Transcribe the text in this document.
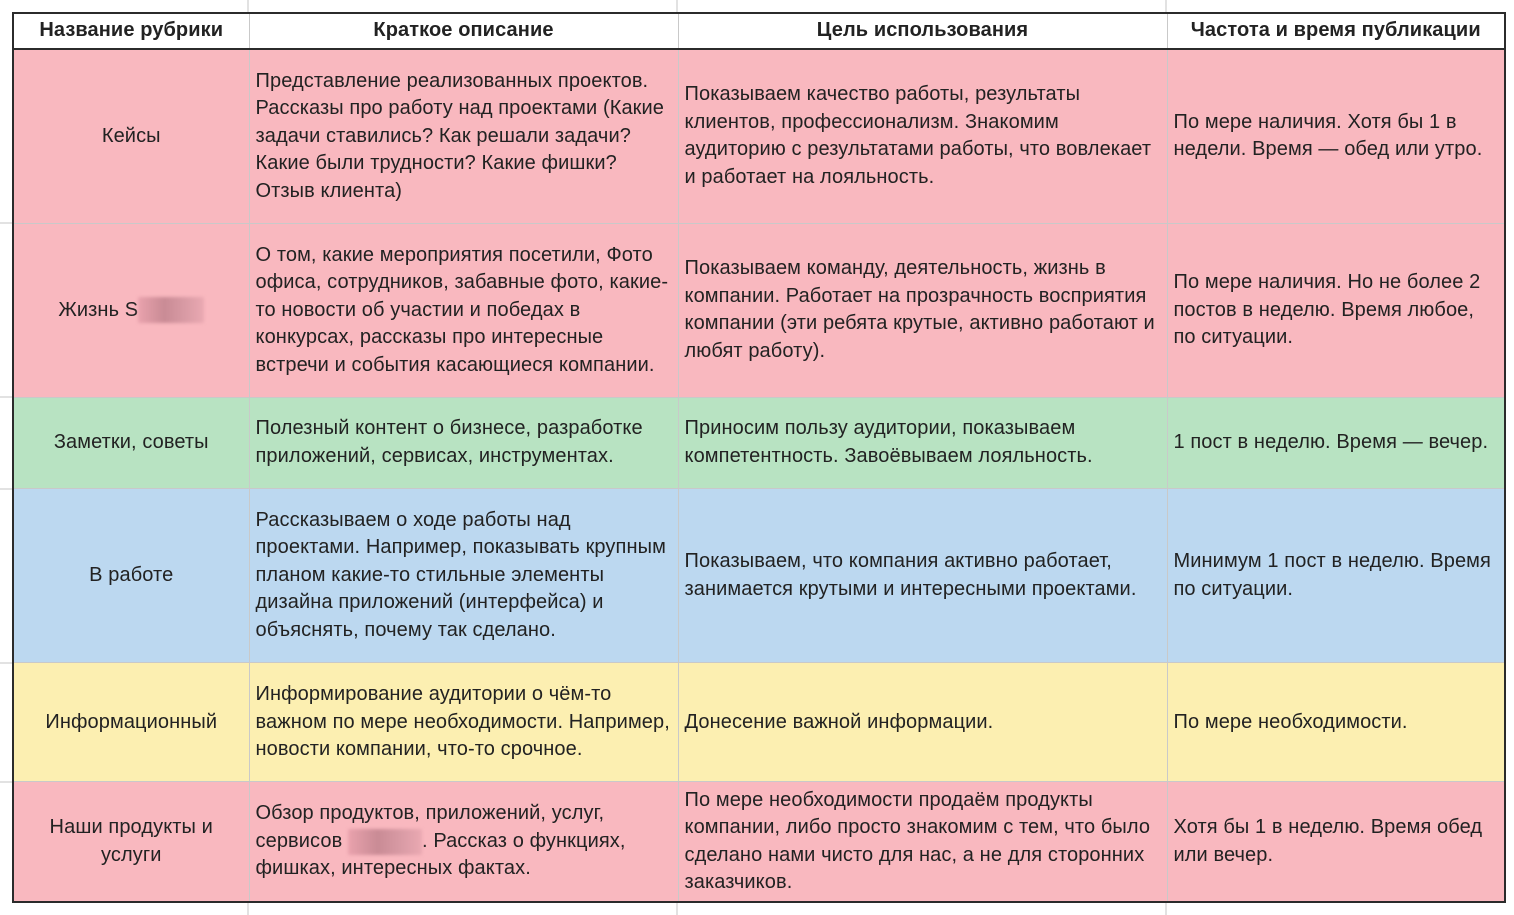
Название рубрики	Краткое описание	Цель использования	Частота и время публикации
Кейсы	Представление реализованных проектов. Рассказы про работу над проектами (Какие задачи ставились? Как решали задачи? Какие были трудности? Какие фишки? Отзыв клиента)	Показываем качество работы, результаты клиентов, профессионализм. Знакомим аудиторию с результатами работы, что вовлекает и работает на лояльность.	По мере наличия. Хотя бы 1 в недели. Время — обед или утро.
Жизнь S	О том, какие мероприятия посетили, Фото офиса, сотрудников, забавные фото, какие-то новости об участии и победах в конкурсах, рассказы про интересные встречи и события касающиеся компании.	Показываем команду, деятельность, жизнь в компании. Работает на прозрачность восприятия компании (эти ребята крутые, активно работают и любят работу).	По мере наличия. Но не более 2 постов в неделю. Время любое, по ситуации.
Заметки, советы	Полезный контент о бизнесе, разработке приложений, сервисах, инструментах.	Приносим пользу аудитории, показываем компетентность. Завоёвываем лояльность.	1 пост в неделю. Время — вечер.
В работе	Рассказываем о ходе работы над проектами. Например, показывать крупным планом какие-то стильные элементы дизайна приложений (интерфейса) и объяснять, почему так сделано.	Показываем, что компания активно работает, занимается крутыми и интересными проектами.	Минимум 1 пост в неделю. Время по ситуации.
Информационный	Информирование аудитории о чём-то важном по мере необходимости. Например, новости компании, что-то срочное.	Донесение важной информации.	По мере необходимости.
Наши продукты и услуги	Обзор продуктов, приложений, услуг, сервисов . Рассказ о функциях, фишках, интересных фактах.	По мере необходимости продаём продукты компании, либо просто знакомим с тем, что было сделано нами чисто для нас, а не для сторонних заказчиков.	Хотя бы 1 в неделю. Время обед или вечер.
